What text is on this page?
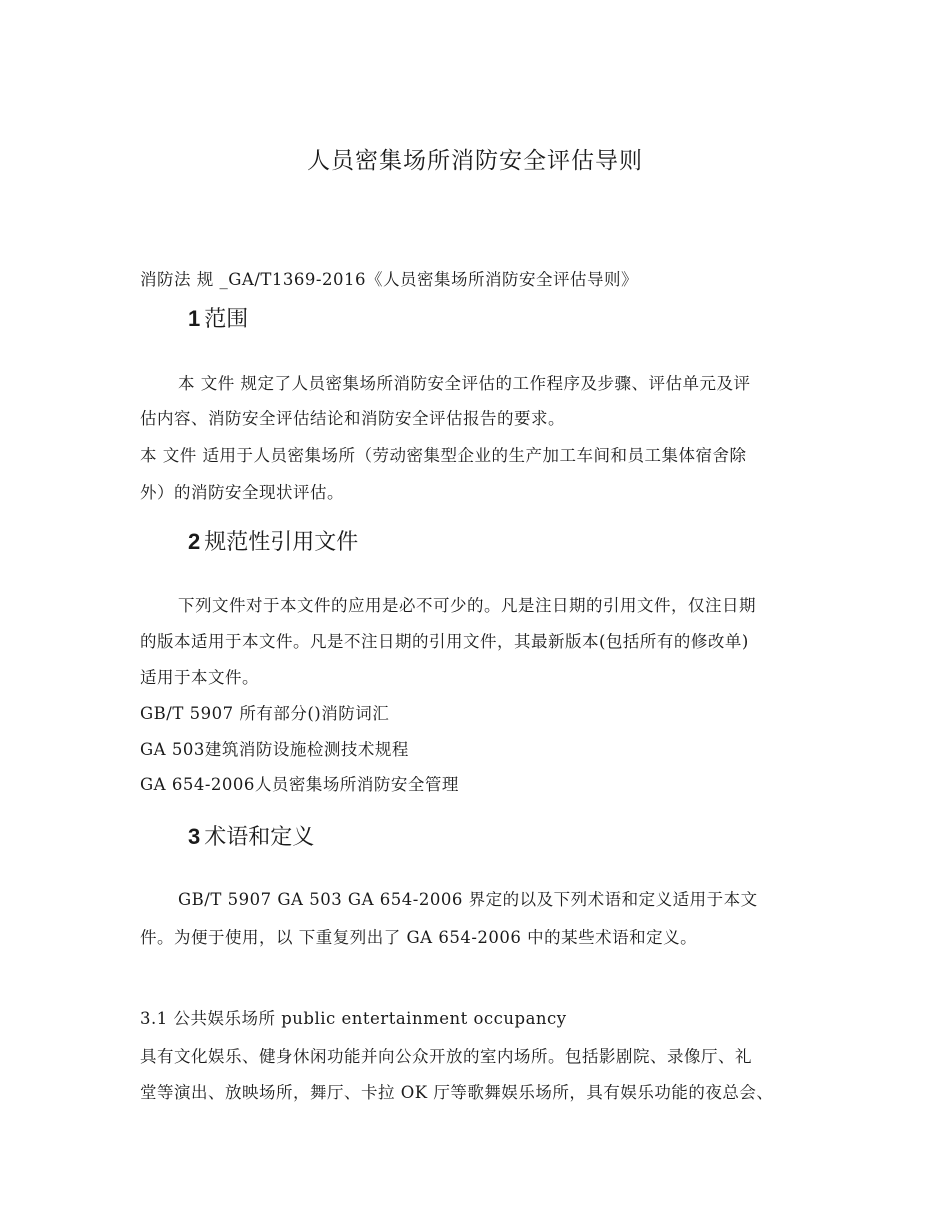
人员密集场所消防安全评估导则
消防法 规 _GA/T1369-2016《人员密集场所消防安全评估导则》
1 范围
本 文件 规定了人员密集场所消防安全评估的工作程序及步骤、评估单元及评
估内容、消防安全评估结论和消防安全评估报告的要求。
本 文件 适用于人员密集场所（劳动密集型企业的生产加工车间和员工集体宿舍除
外）的消防安全现状评估。
2 规范性引用文件
下列文件对于本文件的应用是必不可少的。凡是注日期的引用文件，仅注日期
的版本适用于本文件。凡是不注日期的引用文件，其最新版本(包括所有的修改单)
适用于本文件。
GB/T 5907 所有部分()消防词汇
GA 503建筑消防设施检测技术规程
GA 654-2006人员密集场所消防安全管理
3 术语和定义
GB/T 5907 GA 503 GA 654-2006 界定的以及下列术语和定义适用于本文
件。为便于使用，以 下重复列出了 GA 654-2006 中的某些术语和定义。
3.1 公共娱乐场所 public entertainment occupancy
具有文化娱乐、健身休闲功能并向公众开放的室内场所。包括影剧院、录像厅、礼
堂等演出、放映场所，舞厅、卡拉 OK 厅等歌舞娱乐场所，具有娱乐功能的夜总会、
